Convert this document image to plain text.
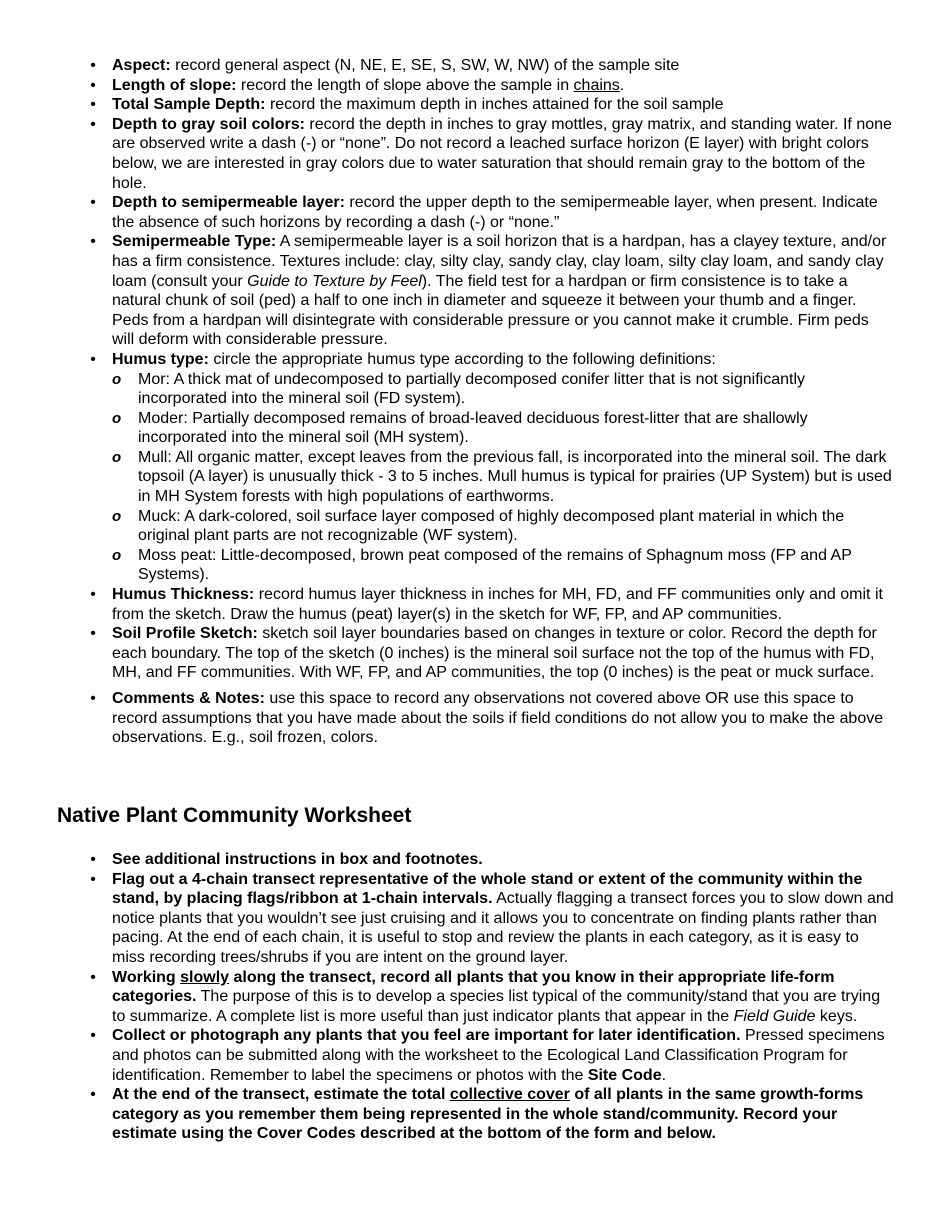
• Aspect: record general aspect (N, NE, E, SE, S, SW, W, NW) of the sample site
• Length of slope: record the length of slope above the sample in chains.
• Total Sample Depth: record the maximum depth in inches attained for the soil sample
• Depth to gray soil colors: record the depth in inches to gray mottles, gray matrix, and standing water. If none are observed write a dash (-) or “none”. Do not record a leached surface horizon (E layer) with bright colors below, we are interested in gray colors due to water saturation that should remain gray to the bottom of the hole.
• Depth to semipermeable layer: record the upper depth to the semipermeable layer, when present. Indicate the absence of such horizons by recording a dash (-) or “none.”
• Semipermeable Type: A semipermeable layer is a soil horizon that is a hardpan, has a clayey texture, and/or has a firm consistence. Textures include: clay, silty clay, sandy clay, clay loam, silty clay loam, and sandy clay loam (consult your Guide to Texture by Feel). The field test for a hardpan or firm consistence is to take a natural chunk of soil (ped) a half to one inch in diameter and squeeze it between your thumb and a finger. Peds from a hardpan will disintegrate with considerable pressure or you cannot make it crumble. Firm peds will deform with considerable pressure.
• Humus type: circle the appropriate humus type according to the following definitions:
o Mor: A thick mat of undecomposed to partially decomposed conifer litter that is not significantly incorporated into the mineral soil (FD system).
o Moder: Partially decomposed remains of broad-leaved deciduous forest-litter that are shallowly incorporated into the mineral soil (MH system).
o Mull: All organic matter, except leaves from the previous fall, is incorporated into the mineral soil. The dark topsoil (A layer) is unusually thick - 3 to 5 inches. Mull humus is typical for prairies (UP System) but is used in MH System forests with high populations of earthworms.
o Muck: A dark-colored, soil surface layer composed of highly decomposed plant material in which the original plant parts are not recognizable (WF system).
o Moss peat: Little-decomposed, brown peat composed of the remains of Sphagnum moss (FP and AP Systems).
• Humus Thickness: record humus layer thickness in inches for MH, FD, and FF communities only and omit it from the sketch. Draw the humus (peat) layer(s) in the sketch for WF, FP, and AP communities.
• Soil Profile Sketch: sketch soil layer boundaries based on changes in texture or color. Record the depth for each boundary. The top of the sketch (0 inches) is the mineral soil surface not the top of the humus with FD, MH, and FF communities. With WF, FP, and AP communities, the top (0 inches) is the peat or muck surface.
• Comments & Notes: use this space to record any observations not covered above OR use this space to record assumptions that you have made about the soils if field conditions do not allow you to make the above observations. E.g., soil frozen, colors.
Native Plant Community Worksheet
• See additional instructions in box and footnotes.
• Flag out a 4-chain transect representative of the whole stand or extent of the community within the stand, by placing flags/ribbon at 1-chain intervals. Actually flagging a transect forces you to slow down and notice plants that you wouldn’t see just cruising and it allows you to concentrate on finding plants rather than pacing. At the end of each chain, it is useful to stop and review the plants in each category, as it is easy to miss recording trees/shrubs if you are intent on the ground layer.
• Working slowly along the transect, record all plants that you know in their appropriate life-form categories. The purpose of this is to develop a species list typical of the community/stand that you are trying to summarize. A complete list is more useful than just indicator plants that appear in the Field Guide keys.
• Collect or photograph any plants that you feel are important for later identification. Pressed specimens and photos can be submitted along with the worksheet to the Ecological Land Classification Program for identification. Remember to label the specimens or photos with the Site Code.
• At the end of the transect, estimate the total collective cover of all plants in the same growth-forms category as you remember them being represented in the whole stand/community. Record your estimate using the Cover Codes described at the bottom of the form and below.
